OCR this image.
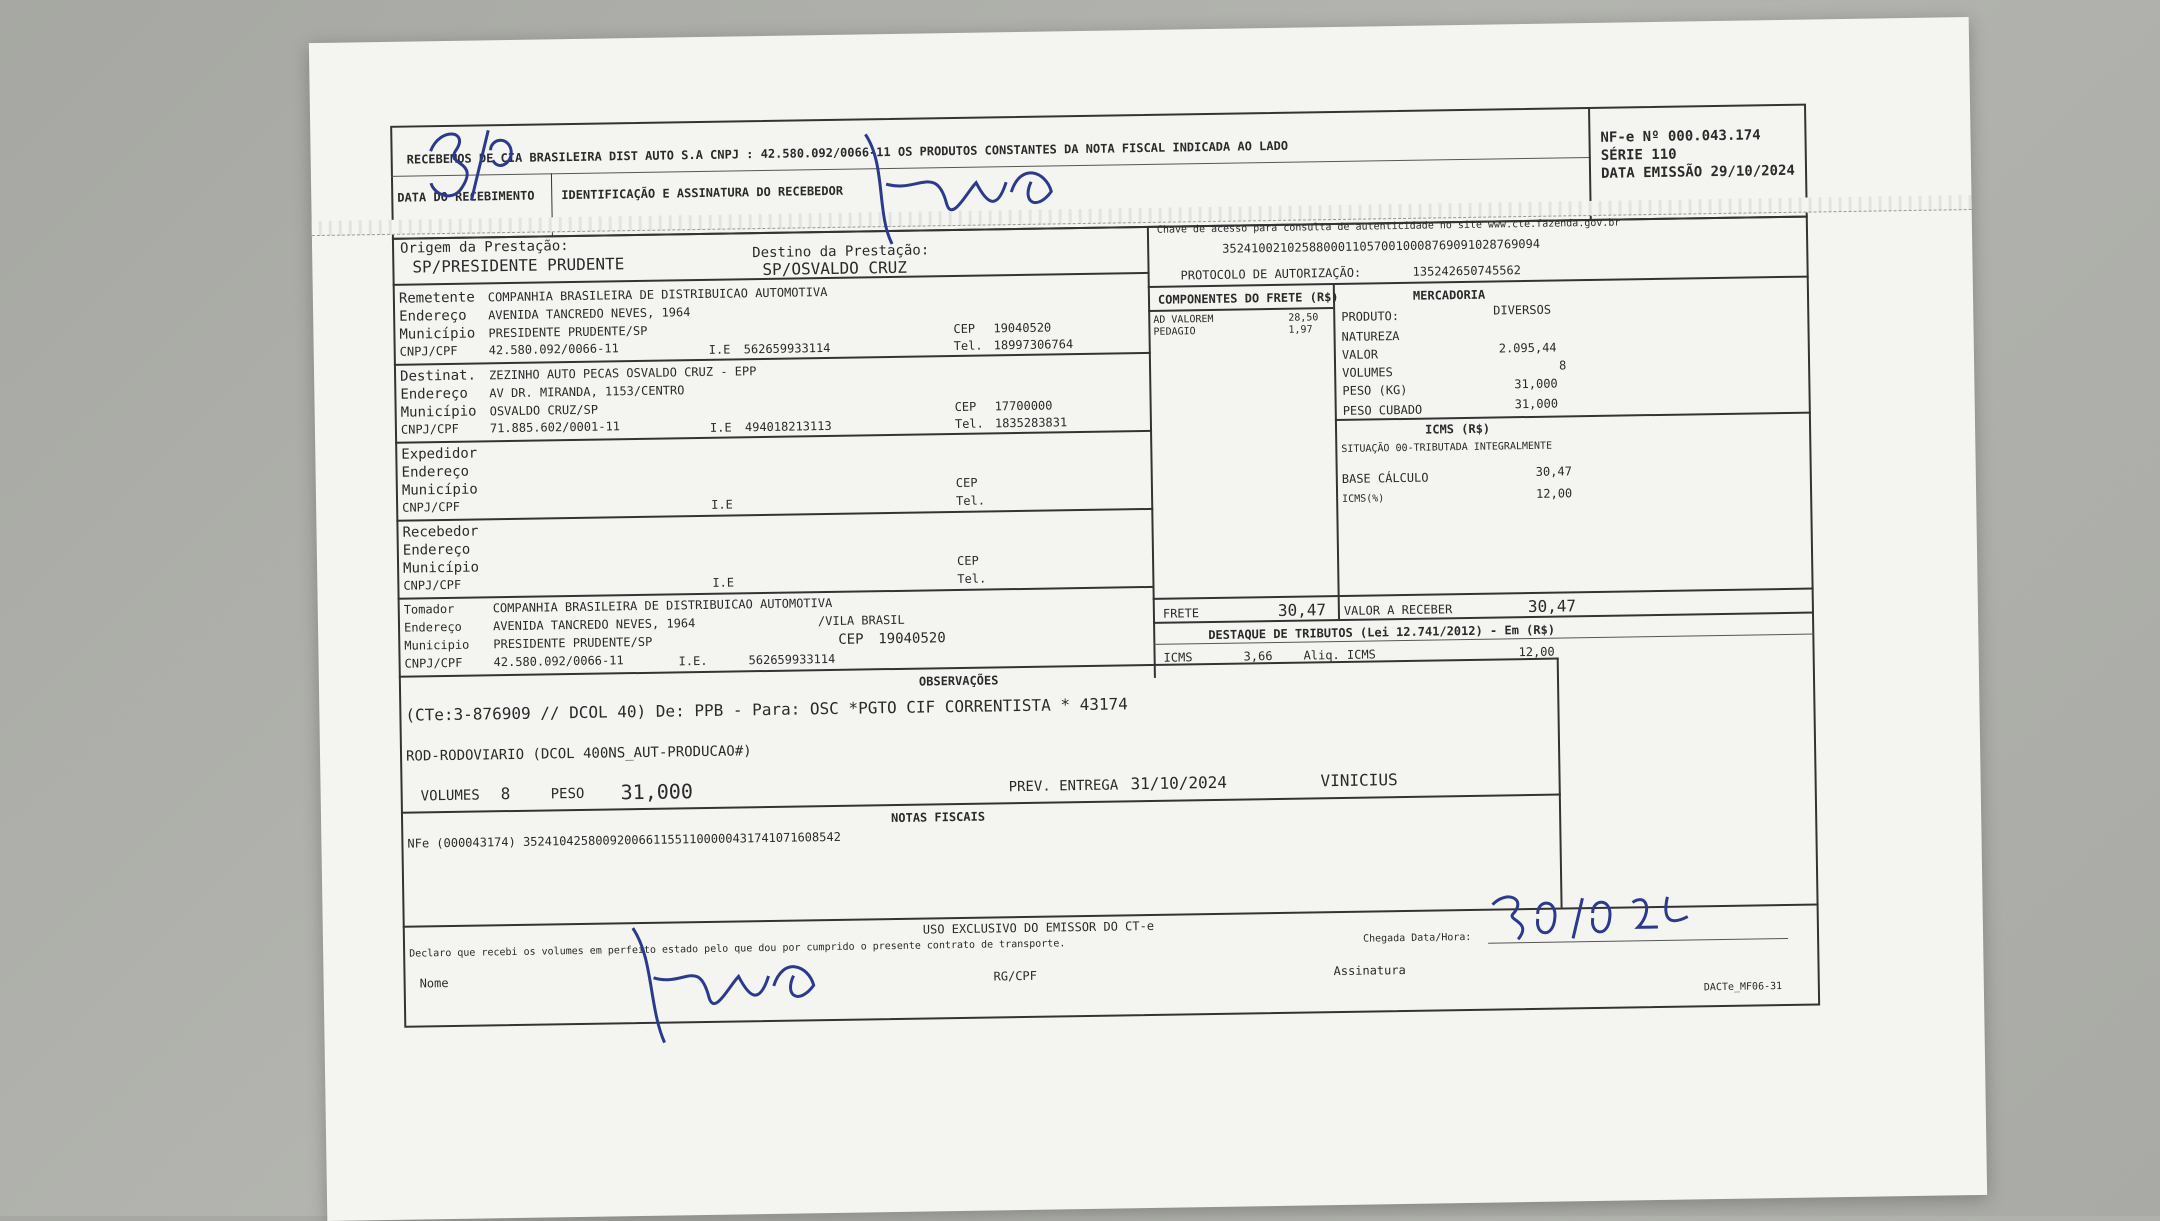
RECEBEMOS DE CIA BRASILEIRA DIST AUTO S.A CNPJ : 42.580.092/0066-11 OS PRODUTOS CONSTANTES DA NOTA FISCAL INDICADA AO LADO
DATA DO RECEBIMENTO IDENTIFICAÇÃO E ASSINATURA DO RECEBEDOR
NF-e Nº 000.043.174
SÉRIE 110
DATA EMISSÃO 29/10/2024
Chave de acesso para consulta de autenticidade no site www.cte.fazenda.gov.br
35241002102588000110570010008769091028769094
PROTOCOLO DE AUTORIZAÇÃO:	135242650745562
Origem da Prestação:
SP/PRESIDENTE PRUDENTE
Destino da Prestação:
SP/OSVALDO CRUZ
Remetente COMPANHIA BRASILEIRA DE DISTRIBUICAO AUTOMOTIVA
Endereço AVENIDA TANCREDO NEVES, 1964
Município PRESIDENTE PRUDENTE/SP	CEP 19040520
CNPJ/CPF	42.580.092/0066-11	I.E 562659933114	Tel. 18997306764
Destinat. ZEZINHO AUTO PECAS OSVALDO CRUZ - EPP
Endereço AV DR. MIRANDA, 1153/CENTRO
Município OSVALDO CRUZ/SP	CEP 17700000
CNPJ/CPF	71.885.602/0001-11	I.E 494018213113	Tel. 1835283831
Expedidor
Endereço
Município	CEP
CNPJ/CPF	I.E	Tel.
Recebedor
Endereço
Município	CEP
CNPJ/CPF	I.E	Tel.
Tomador	COMPANHIA BRASILEIRA DE DISTRIBUICAO AUTOMOTIVA
Endereço	AVENIDA TANCREDO NEVES, 1964	/VILA BRASIL
Municipio PRESIDENTE PRUDENTE/SP	CEP 19040520
CNPJ/CPF	42.580.092/0066-11	I.E.	562659933114
COMPONENTES DO FRETE (R$)
AD VALOREM	28,50
PEDAGIO	1,97
FRETE	30,47
MERCADORIA
PRODUTO:	DIVERSOS
NATUREZA
VALOR	2.095,44
VOLUMES	8
PESO (KG)	31,000
PESO CUBADO	31,000
ICMS (R$)
SITUAÇÃO 00-TRIBUTADA INTEGRALMENTE
BASE CÁLCULO	30,47
ICMS(%)	12,00
VALOR A RECEBER	30,47
DESTAQUE DE TRIBUTOS (Lei 12.741/2012) - Em (R$)
ICMS	3,66	Aliq. ICMS	12,00
OBSERVAÇÕES
(CTe:3-876909 // DCOL 40) De: PPB - Para: OSC *PGTO CIF CORRENTISTA * 43174
ROD-RODOVIARIO (DCOL 400NS_AUT-PRODUCAO#)
VOLUMES 8	PESO 31,000	PREV. ENTREGA 31/10/2024	VINICIUS
NOTAS FISCAIS
NFe (000043174) 35241042580092006611551100000431741071608542
USO EXCLUSIVO DO EMISSOR DO CT-e
Declaro que recebi os volumes em perfeito estado pelo que dou por cumprido o presente contrato de transporte.
Chegada Data/Hora:
Nome	RG/CPF	Assinatura
DACTe_MF06-31
